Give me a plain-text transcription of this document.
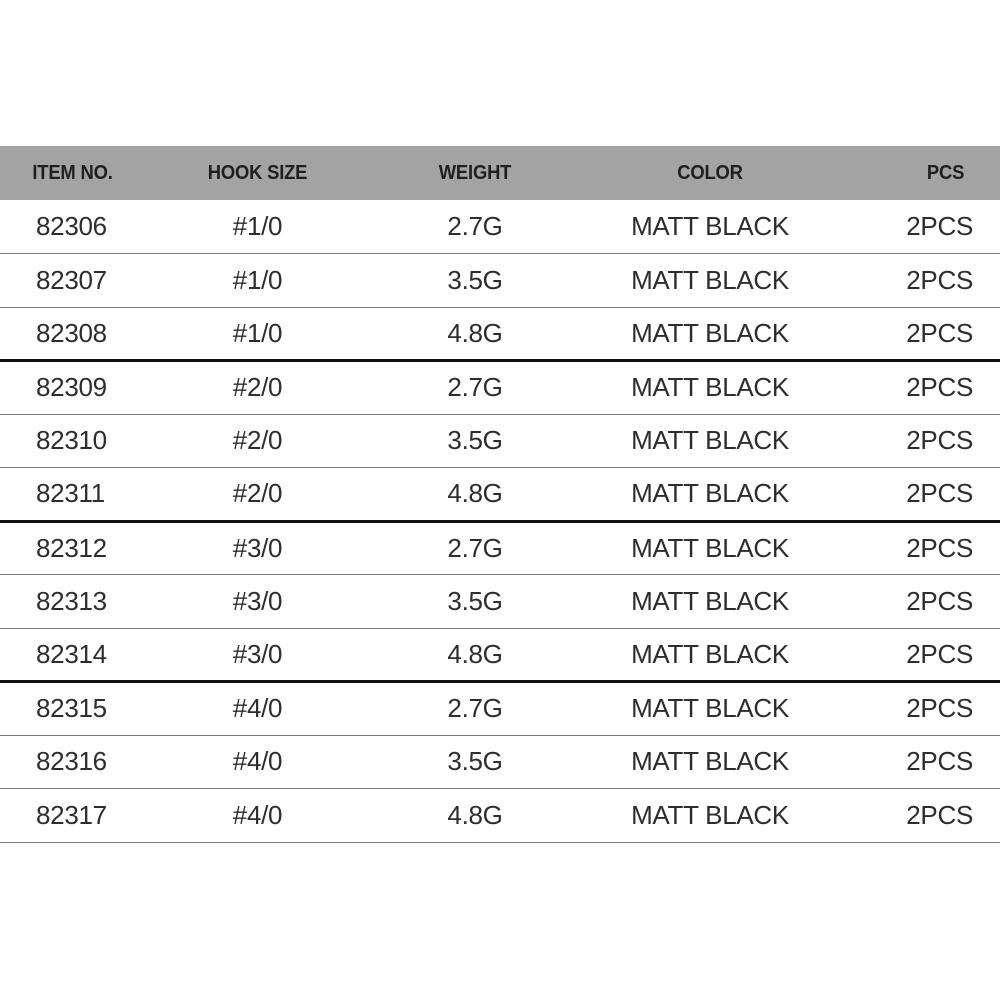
ITEM NO.	HOOK SIZE	WEIGHT	COLOR	PCS
82306	#1/0	2.7G	MATT BLACK	2PCS
82307	#1/0	3.5G	MATT BLACK	2PCS
82308	#1/0	4.8G	MATT BLACK	2PCS
82309	#2/0	2.7G	MATT BLACK	2PCS
82310	#2/0	3.5G	MATT BLACK	2PCS
82311	#2/0	4.8G	MATT BLACK	2PCS
82312	#3/0	2.7G	MATT BLACK	2PCS
82313	#3/0	3.5G	MATT BLACK	2PCS
82314	#3/0	4.8G	MATT BLACK	2PCS
82315	#4/0	2.7G	MATT BLACK	2PCS
82316	#4/0	3.5G	MATT BLACK	2PCS
82317	#4/0	4.8G	MATT BLACK	2PCS
